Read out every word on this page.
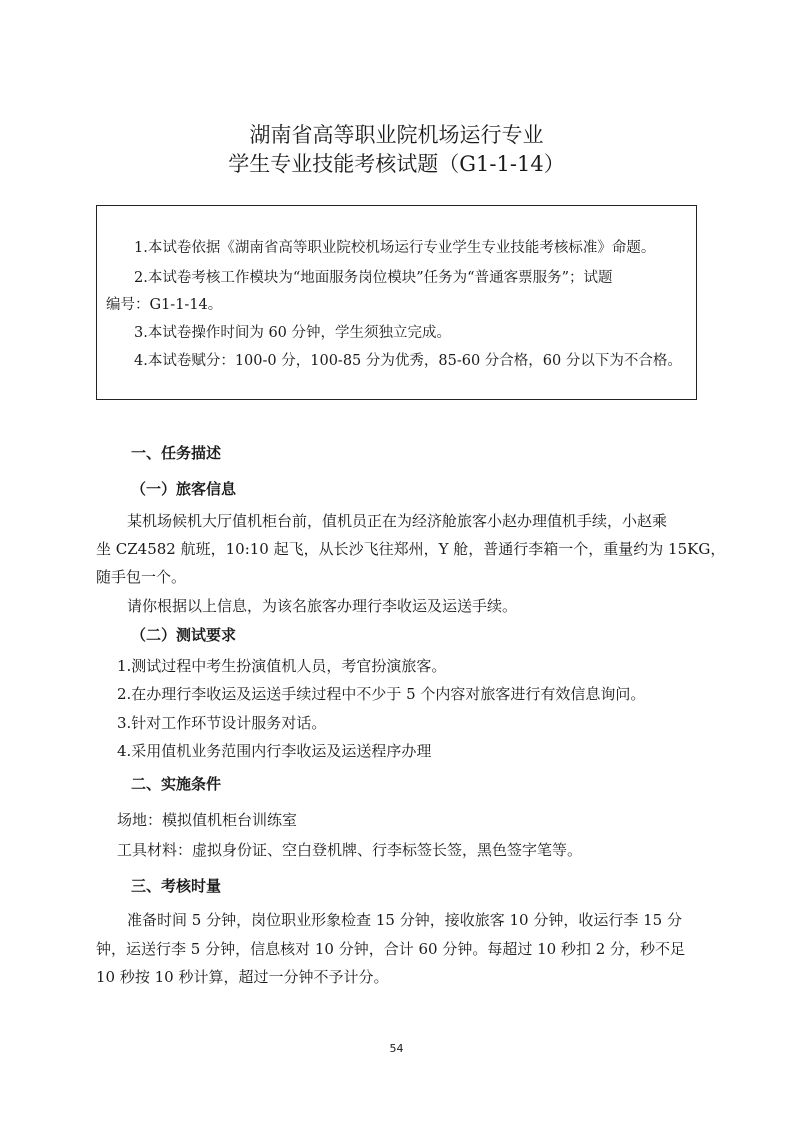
湖南省高等职业院机场运行专业
学生专业技能考核试题（G1-1-14）
1.本试卷依据《湖南省高等职业院校机场运行专业学生专业技能考核标准》命题。
2.本试卷考核工作模块为“地面服务岗位模块”任务为“普通客票服务”；试题
编号：G1-1-14。
3.本试卷操作时间为 60 分钟，学生须独立完成。
4.本试卷赋分：100-0 分，100-85 分为优秀，85-60 分合格，60 分以下为不合格。
一、任务描述
（一）旅客信息
某机场候机大厅值机柜台前，值机员正在为经济舱旅客小赵办理值机手续，小赵乘
坐 CZ4582 航班，10:10 起飞，从长沙飞往郑州，Y 舱，普通行李箱一个，重量约为 15KG，
随手包一个。
请你根据以上信息，为该名旅客办理行李收运及运送手续。
（二）测试要求
1.测试过程中考生扮演值机人员，考官扮演旅客。
2.在办理行李收运及运送手续过程中不少于 5 个内容对旅客进行有效信息询问。
3.针对工作环节设计服务对话。
4.采用值机业务范围内行李收运及运送程序办理
二、实施条件
场地：模拟值机柜台训练室
工具材料：虚拟身份证、空白登机牌、行李标签长签，黑色签字笔等。
三、考核时量
准备时间 5 分钟，岗位职业形象检查 15 分钟，接收旅客 10 分钟，收运行李 15 分
钟，运送行李 5 分钟，信息核对 10 分钟，合计 60 分钟。每超过 10 秒扣 2 分，秒不足
10 秒按 10 秒计算，超过一分钟不予计分。
54
